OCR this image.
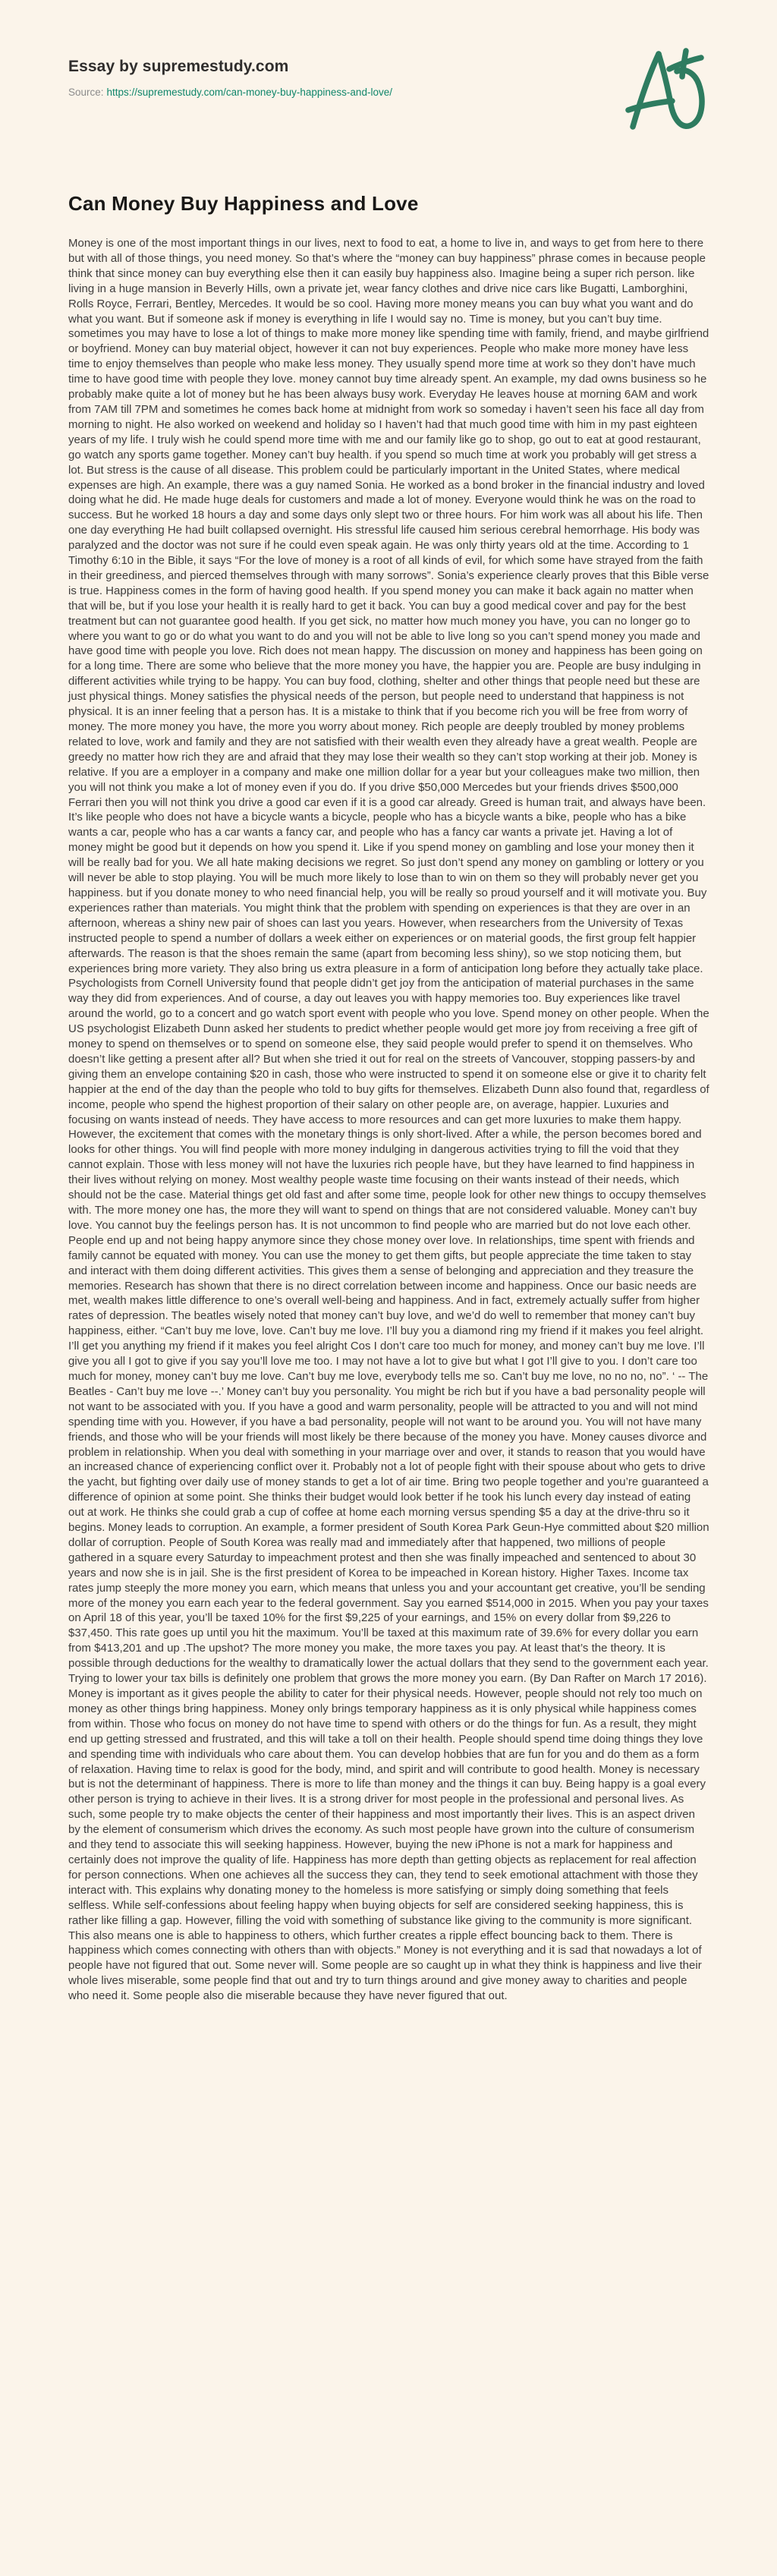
Essay by supremestudy.com

Source: https://supremestudy.com/can-money-buy-happiness-and-love/

Can Money Buy Happiness and Love

Money is one of the most important things in our lives, next to food to eat, a home to live in, and ways to get from here to there but with all of those things, you need money. So that’s where the “money can buy happiness” phrase comes in because people think that since money can buy everything else then it can easily buy happiness also. Imagine being a super rich person. like living in a huge mansion in Beverly Hills, own a private jet, wear fancy clothes and drive nice cars like Bugatti, Lamborghini, Rolls Royce, Ferrari, Bentley, Mercedes. It would be so cool. Having more money means you can buy what you want and do what you want. But if someone ask if money is everything in life I would say no. Time is money, but you can’t buy time. sometimes you may have to lose a lot of things to make more money like spending time with family, friend, and maybe girlfriend or boyfriend. Money can buy material object, however it can not buy experiences. People who make more money have less time to enjoy themselves than people who make less money. They usually spend more time at work so they don’t have much time to have good time with people they love. money cannot buy time already spent. An example, my dad owns business so he probably make quite a lot of money but he has been always busy work. Everyday He leaves house at morning 6AM and work from 7AM till 7PM and sometimes he comes back home at midnight from work so someday i haven’t seen his face all day from morning to night. He also worked on weekend and holiday so I haven’t had that much good time with him in my past eighteen years of my life. I truly wish he could spend more time with me and our family like go to shop, go out to eat at good restaurant, go watch any sports game together. Money can’t buy health. if you spend so much time at work you probably will get stress a lot. But stress is the cause of all disease. This problem could be particularly important in the United States, where medical expenses are high. An example, there was a guy named Sonia. He worked as a bond broker in the financial industry and loved doing what he did. He made huge deals for customers and made a lot of money. Everyone would think he was on the road to success. But he worked 18 hours a day and some days only slept two or three hours. For him work was all about his life. Then one day everything He had built collapsed overnight. His stressful life caused him serious cerebral hemorrhage. His body was paralyzed and the doctor was not sure if he could even speak again. He was only thirty years old at the time. According to 1 Timothy 6:10 in the Bible, it says “For the love of money is a root of all kinds of evil, for which some have strayed from the faith in their greediness, and pierced themselves through with many sorrows”. Sonia’s experience clearly proves that this Bible verse is true. Happiness comes in the form of having good health. If you spend money you can make it back again no matter when that will be, but if you lose your health it is really hard to get it back. You can buy a good medical cover and pay for the best treatment but can not guarantee good health. If you get sick, no matter how much money you have, you can no longer go to where you want to go or do what you want to do and you will not be able to live long so you can’t spend money you made and have good time with people you love. Rich does not mean happy. The discussion on money and happiness has been going on for a long time. There are some who believe that the more money you have, the happier you are. People are busy indulging in different activities while trying to be happy. You can buy food, clothing, shelter and other things that people need but these are just physical things. Money satisfies the physical needs of the person, but people need to understand that happiness is not physical. It is an inner feeling that a person has. It is a mistake to think that if you become rich you will be free from worry of money. The more money you have, the more you worry about money. Rich people are deeply troubled by money problems related to love, work and family and they are not satisfied with their wealth even they already have a great wealth. People are greedy no matter how rich they are and afraid that they may lose their wealth so they can’t stop working at their job. Money is relative. If you are a employer in a company and make one million dollar for a year but your colleagues make two million, then you will not think you make a lot of money even if you do. If you drive $50,000 Mercedes but your friends drives $500,000 Ferrari then you will not think you drive a good car even if it is a good car already. Greed is human trait, and always have been. It’s like people who does not have a bicycle wants a bicycle, people who has a bicycle wants a bike, people who has a bike wants a car, people who has a car wants a fancy car, and people who has a fancy car wants a private jet. Having a lot of money might be good but it depends on how you spend it. Like if you spend money on gambling and lose your money then it will be really bad for you. We all hate making decisions we regret. So just don’t spend any money on gambling or lottery or you will never be able to stop playing. You will be much more likely to lose than to win on them so they will probably never get you happiness. but if you donate money to who need financial help, you will be really so proud yourself and it will motivate you. Buy experiences rather than materials. You might think that the problem with spending on experiences is that they are over in an afternoon, whereas a shiny new pair of shoes can last you years. However, when researchers from the University of Texas instructed people to spend a number of dollars a week either on experiences or on material goods, the first group felt happier afterwards. The reason is that the shoes remain the same (apart from becoming less shiny), so we stop noticing them, but experiences bring more variety. They also bring us extra pleasure in a form of anticipation long before they actually take place. Psychologists from Cornell University found that people didn’t get joy from the anticipation of material purchases in the same way they did from experiences. And of course, a day out leaves you with happy memories too. Buy experiences like travel around the world, go to a concert and go watch sport event with people who you love. Spend money on other people. When the US psychologist Elizabeth Dunn asked her students to predict whether people would get more joy from receiving a free gift of money to spend on themselves or to spend on someone else, they said people would prefer to spend it on themselves. Who doesn’t like getting a present after all? But when she tried it out for real on the streets of Vancouver, stopping passers-by and giving them an envelope containing $20 in cash, those who were instructed to spend it on someone else or give it to charity felt happier at the end of the day than the people who told to buy gifts for themselves. Elizabeth Dunn also found that, regardless of income, people who spend the highest proportion of their salary on other people are, on average, happier. Luxuries and focusing on wants instead of needs. They have access to more resources and can get more luxuries to make them happy. However, the excitement that comes with the monetary things is only short-lived. After a while, the person becomes bored and looks for other things. You will find people with more money indulging in dangerous activities trying to fill the void that they cannot explain. Those with less money will not have the luxuries rich people have, but they have learned to find happiness in their lives without relying on money. Most wealthy people waste time focusing on their wants instead of their needs, which should not be the case. Material things get old fast and after some time, people look for other new things to occupy themselves with. The more money one has, the more they will want to spend on things that are not considered valuable. Money can’t buy love. You cannot buy the feelings person has. It is not uncommon to find people who are married but do not love each other. People end up and not being happy anymore since they chose money over love. In relationships, time spent with friends and family cannot be equated with money. You can use the money to get them gifts, but people appreciate the time taken to stay and interact with them doing different activities. This gives them a sense of belonging and appreciation and they treasure the memories. Research has shown that there is no direct correlation between income and happiness. Once our basic needs are met, wealth makes little difference to one’s overall well-being and happiness. And in fact, extremely actually suffer from higher rates of depression. The beatles wisely noted that money can’t buy love, and we’d do well to remember that money can’t buy happiness, either. “Can’t buy me love, love. Can’t buy me love. I’ll buy you a diamond ring my friend if it makes you feel alright. I’ll get you anything my friend if it makes you feel alright Cos I don’t care too much for money, and money can’t buy me love. I’ll give you all I got to give if you say you’ll love me too. I may not have a lot to give but what I got I’ll give to you. I don’t care too much for money, money can’t buy me love. Can’t buy me love, everybody tells me so. Can’t buy me love, no no no, no”. ‘ -- The Beatles - Can’t buy me love --.’ Money can’t buy you personality. You might be rich but if you have a bad personality people will not want to be associated with you. If you have a good and warm personality, people will be attracted to you and will not mind spending time with you. However, if you have a bad personality, people will not want to be around you. You will not have many friends, and those who will be your friends will most likely be there because of the money you have. Money causes divorce and problem in relationship. When you deal with something in your marriage over and over, it stands to reason that you would have an increased chance of experiencing conflict over it. Probably not a lot of people fight with their spouse about who gets to drive the yacht, but fighting over daily use of money stands to get a lot of air time. Bring two people together and you’re guaranteed a difference of opinion at some point. She thinks their budget would look better if he took his lunch every day instead of eating out at work. He thinks she could grab a cup of coffee at home each morning versus spending $5 a day at the drive-thru so it begins. Money leads to corruption. An example, a former president of South Korea Park Geun-Hye committed about $20 million dollar of corruption. People of South Korea was really mad and immediately after that happened, two millions of people gathered in a square every Saturday to impeachment protest and then she was finally impeached and sentenced to about 30 years and now she is in jail. She is the first president of Korea to be impeached in Korean history. Higher Taxes. Income tax rates jump steeply the more money you earn, which means that unless you and your accountant get creative, you’ll be sending more of the money you earn each year to the federal government. Say you earned $514,000 in 2015. When you pay your taxes on April 18 of this year, you’ll be taxed 10% for the first $9,225 of your earnings, and 15% on every dollar from $9,226 to $37,450. This rate goes up until you hit the maximum. You’ll be taxed at this maximum rate of 39.6% for every dollar you earn from $413,201 and up .The upshot? The more money you make, the more taxes you pay. At least that’s the theory. It is possible through deductions for the wealthy to dramatically lower the actual dollars that they send to the government each year. Trying to lower your tax bills is definitely one problem that grows the more money you earn. (By Dan Rafter on March 17 2016). Money is important as it gives people the ability to cater for their physical needs. However, people should not rely too much on money as other things bring happiness. Money only brings temporary happiness as it is only physical while happiness comes from within. Those who focus on money do not have time to spend with others or do the things for fun. As a result, they might end up getting stressed and frustrated, and this will take a toll on their health. People should spend time doing things they love and spending time with individuals who care about them. You can develop hobbies that are fun for you and do them as a form of relaxation. Having time to relax is good for the body, mind, and spirit and will contribute to good health. Money is necessary but is not the determinant of happiness. There is more to life than money and the things it can buy. Being happy is a goal every other person is trying to achieve in their lives. It is a strong driver for most people in the professional and personal lives. As such, some people try to make objects the center of their happiness and most importantly their lives. This is an aspect driven by the element of consumerism which drives the economy. As such most people have grown into the culture of consumerism and they tend to associate this will seeking happiness. However, buying the new iPhone is not a mark for happiness and certainly does not improve the quality of life. Happiness has more depth than getting objects as replacement for real affection for person connections. When one achieves all the success they can, they tend to seek emotional attachment with those they interact with. This explains why donating money to the homeless is more satisfying or simply doing something that feels selfless. While self-confessions about feeling happy when buying objects for self are considered seeking happiness, this is rather like filling a gap. However, filling the void with something of substance like giving to the community is more significant. This also means one is able to happiness to others, which further creates a ripple effect bouncing back to them. There is happiness which comes connecting with others than with objects.” Money is not everything and it is sad that nowadays a lot of people have not figured that out. Some never will. Some people are so caught up in what they think is happiness and live their whole lives miserable, some people find that out and try to turn things around and give money away to charities and people who need it. Some people also die miserable because they have never figured that out.
